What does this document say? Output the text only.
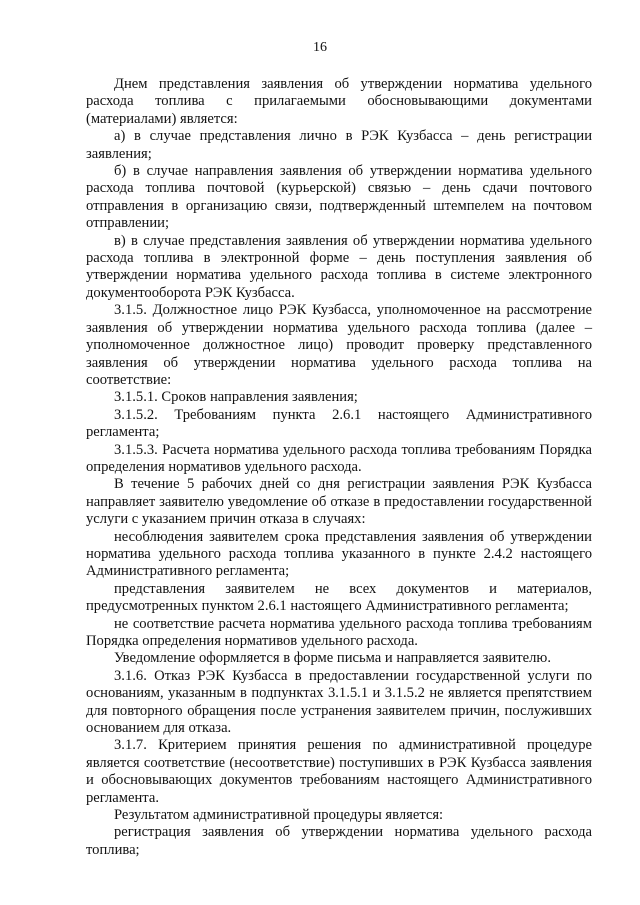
16

Днем представления заявления об утверждении норматива удельного расхода топлива с прилагаемыми обосновывающими документами (материалами) является:

а) в случае представления лично в РЭК Кузбасса – день регистрации заявления;

б) в случае направления заявления об утверждении норматива удельного расхода топлива почтовой (курьерской) связью – день сдачи почтового отправления в организацию связи, подтвержденный штемпелем на почтовом отправлении;

в) в случае представления заявления об утверждении норматива удельного расхода топлива в электронной форме – день поступления заявления об утверждении норматива удельного расхода топлива в системе электронного документооборота РЭК Кузбасса.

3.1.5. Должностное лицо РЭК Кузбасса, уполномоченное на рассмотрение заявления об утверждении норматива удельного расхода топлива (далее – уполномоченное должностное лицо) проводит проверку представленного заявления об утверждении норматива удельного расхода топлива на соответствие:

3.1.5.1. Сроков направления заявления;

3.1.5.2. Требованиям пункта 2.6.1 настоящего Административного регламента;

3.1.5.3. Расчета норматива удельного расхода топлива требованиям Порядка определения нормативов удельного расхода.

В течение 5 рабочих дней со дня регистрации заявления РЭК Кузбасса направляет заявителю уведомление об отказе в предоставлении государственной услуги с указанием причин отказа в случаях:

несоблюдения заявителем срока представления заявления об утверждении норматива удельного расхода топлива указанного в пункте 2.4.2 настоящего Административного регламента;

представления заявителем не всех документов и материалов, предусмотренных пунктом 2.6.1 настоящего Административного регламента;

не соответствие расчета норматива удельного расхода топлива требованиям Порядка определения нормативов удельного расхода.

Уведомление оформляется в форме письма и направляется заявителю.

3.1.6. Отказ РЭК Кузбасса в предоставлении государственной услуги по основаниям, указанным в подпунктах 3.1.5.1 и 3.1.5.2 не является препятствием для повторного обращения после устранения заявителем причин, послуживших основанием для отказа.

3.1.7. Критерием принятия решения по административной процедуре является соответствие (несоответствие) поступивших в РЭК Кузбасса заявления и обосновывающих документов требованиям настоящего Административного регламента.

Результатом административной процедуры является:

регистрация заявления об утверждении норматива удельного расхода топлива;
